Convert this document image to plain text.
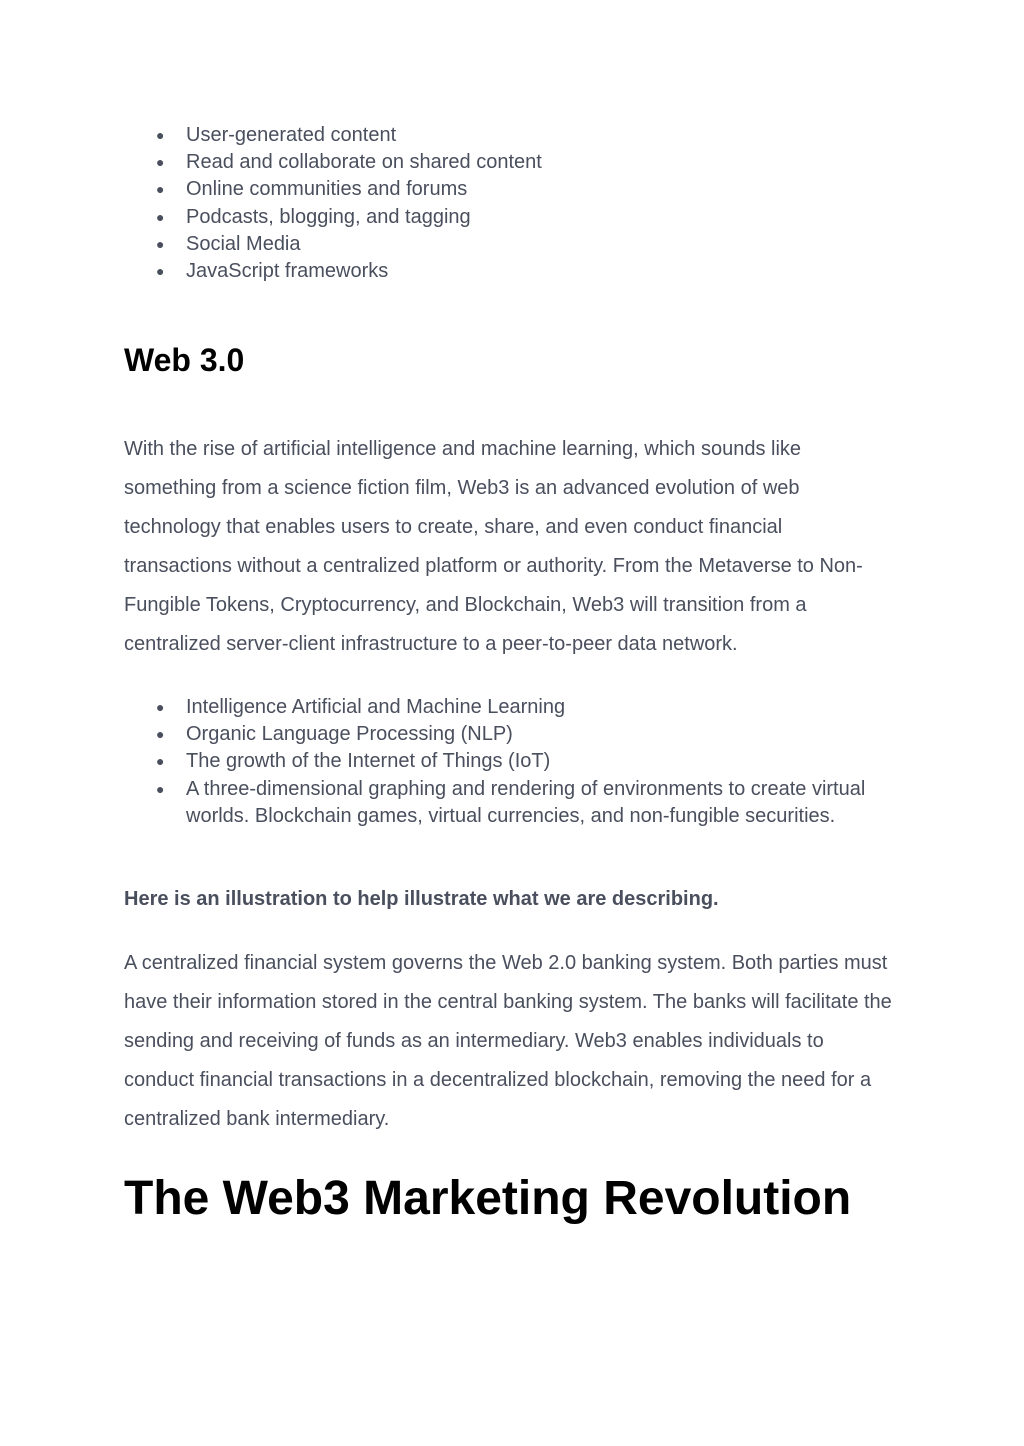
● User-generated content
● Read and collaborate on shared content
● Online communities and forums
● Podcasts, blogging, and tagging
● Social Media
● JavaScript frameworks
Web 3.0

With the rise of artificial intelligence and machine learning, which sounds like something from a science fiction film, Web3 is an advanced evolution of web technology that enables users to create, share, and even conduct financial transactions without a centralized platform or authority. From the Metaverse to Non-Fungible Tokens, Cryptocurrency, and Blockchain, Web3 will transition from a centralized server-client infrastructure to a peer-to-peer data network.

● Intelligence Artificial and Machine Learning
● Organic Language Processing (NLP)
● The growth of the Internet of Things (IoT)
● A three-dimensional graphing and rendering of environments to create virtual worlds. Blockchain games, virtual currencies, and non-fungible securities.

Here is an illustration to help illustrate what we are describing.

A centralized financial system governs the Web 2.0 banking system. Both parties must have their information stored in the central banking system. The banks will facilitate the sending and receiving of funds as an intermediary. Web3 enables individuals to conduct financial transactions in a decentralized blockchain, removing the need for a centralized bank intermediary.

The Web3 Marketing Revolution
